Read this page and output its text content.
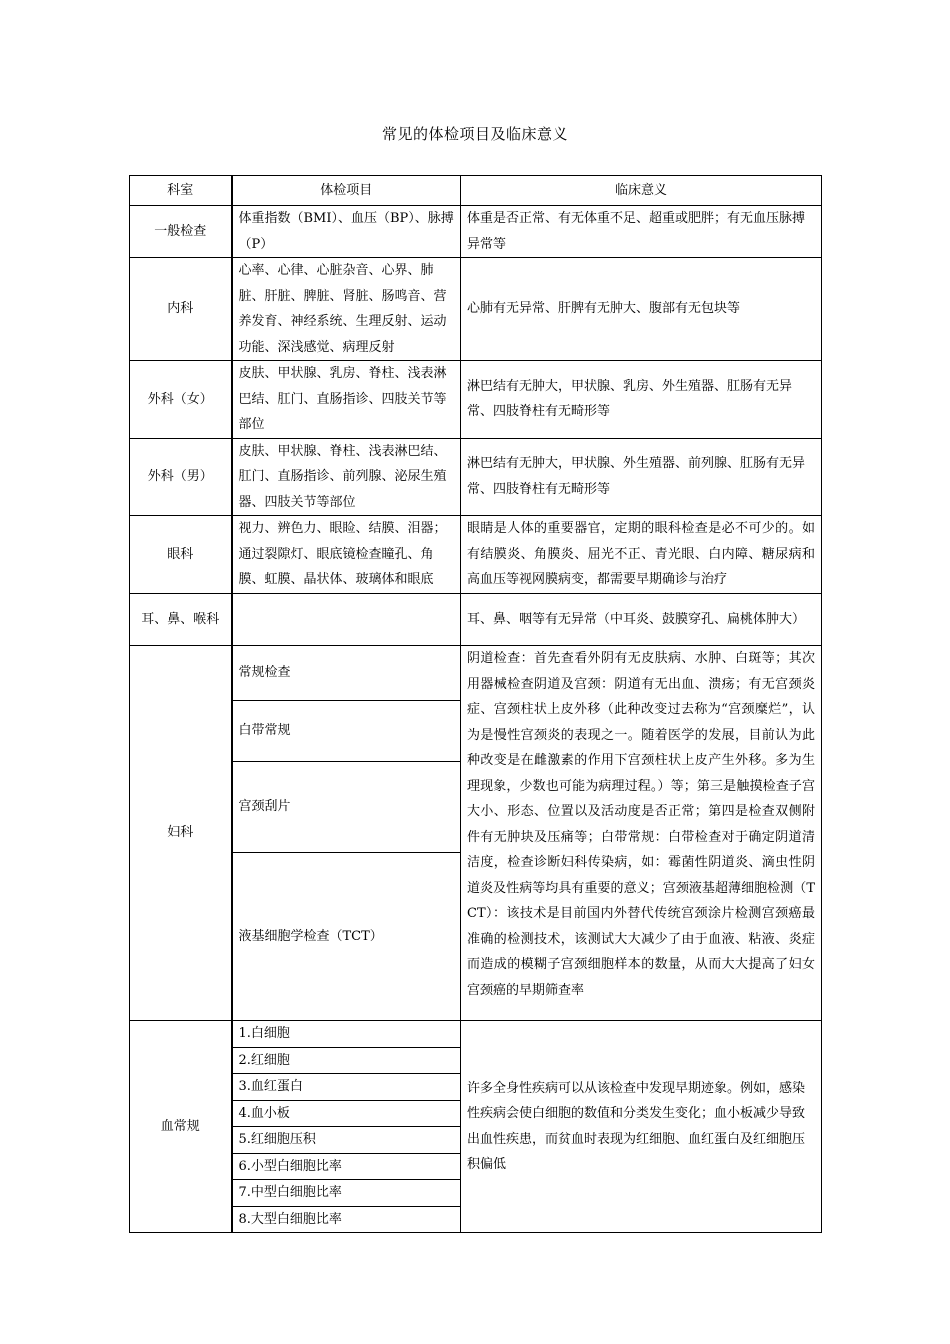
常见的体检项目及临床意义
科室	体检项目	临床意义
一般检查	体重指数（BMI）、血压（BP）、脉搏（P）	体重是否正常、有无体重不足、超重或肥胖；有无血压脉搏异常等
内科	心率、心律、心脏杂音、心界、肺脏、肝脏、脾脏、肾脏、肠鸣音、营养发育、神经系统、生理反射、运动功能、深浅感觉、病理反射	心肺有无异常、肝脾有无肿大、腹部有无包块等
外科（女）	皮肤、甲状腺、乳房、脊柱、浅表淋巴结、肛门、直肠指诊、四肢关节等部位	淋巴结有无肿大，甲状腺、乳房、外生殖器、肛肠有无异常、四肢脊柱有无畸形等
外科（男）	皮肤、甲状腺、脊柱、浅表淋巴结、肛门、直肠指诊、前列腺、泌尿生殖器、四肢关节等部位	淋巴结有无肿大，甲状腺、外生殖器、前列腺、肛肠有无异常、四肢脊柱有无畸形等
眼科	视力、辨色力、眼睑、结膜、泪器；通过裂隙灯、眼底镜检查瞳孔、角膜、虹膜、晶状体、玻璃体和眼底	眼睛是人体的重要器官，定期的眼科检查是必不可少的。如有结膜炎、角膜炎、屈光不正、青光眼、白内障、糖尿病和高血压等视网膜病变，都需要早期确诊与治疗
耳、鼻、喉科		耳、鼻、咽等有无异常（中耳炎、鼓膜穿孔、扁桃体肿大）
妇科	常规检查	阴道检查：首先查看外阴有无皮肤病、水肿、白斑等；其次用器械检查阴道及宫颈：阴道有无出血、溃疡；有无宫颈炎症、宫颈柱状上皮外移（此种改变过去称为“宫颈糜烂”，认为是慢性宫颈炎的表现之一。随着医学的发展，目前认为此种改变是在雌激素的作用下宫颈柱状上皮产生外移。多为生理现象，少数也可能为病理过程。）等；第三是触摸检查子宫大小、形态、位置以及活动度是否正常；第四是检查双侧附件有无肿块及压痛等；白带常规：白带检查对于确定阴道清洁度，检查诊断妇科传染病，如：霉菌性阴道炎、滴虫性阴道炎及性病等均具有重要的意义；宫颈液基超薄细胞检测（TCT）：该技术是目前国内外替代传统宫颈涂片检测宫颈癌最准确的检测技术，该测试大大减少了由于血液、粘液、炎症而造成的模糊子宫颈细胞样本的数量，从而大大提高了妇女宫颈癌的早期筛查率
	白带常规	
	宫颈刮片	
	液基细胞学检查（TCT）	
血常规	1.白细胞	许多全身性疾病可以从该检查中发现早期迹象。例如，感染性疾病会使白细胞的数值和分类发生变化；血小板减少导致出血性疾患，而贫血时表现为红细胞、血红蛋白及红细胞压积偏低
	2.红细胞	
	3.血红蛋白	
	4.血小板	
	5.红细胞压积	
	6.小型白细胞比率	
	7.中型白细胞比率	
	8.大型白细胞比率	
